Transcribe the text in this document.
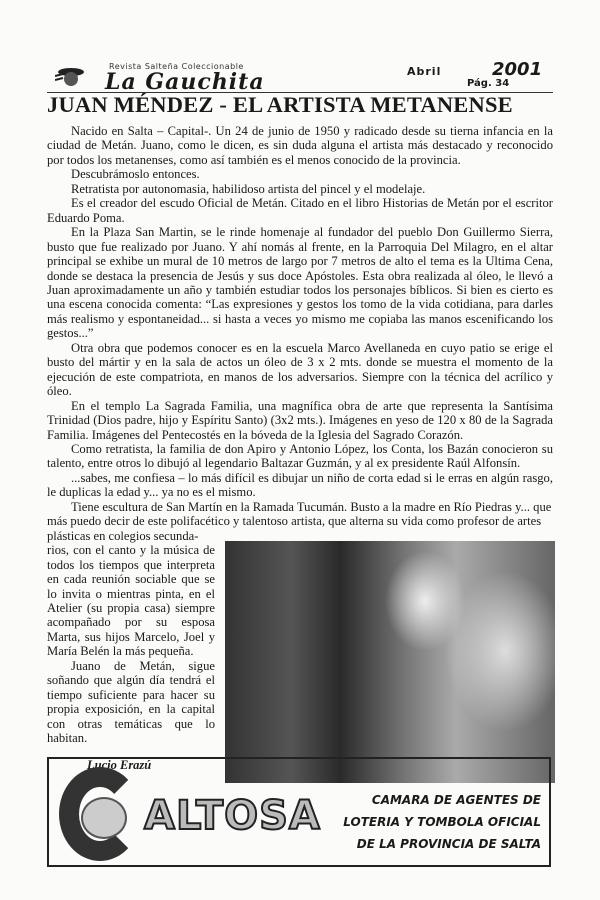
Revista Salteña Coleccionable
La Gauchita	Abril	2001
Pág. 34
JUAN MÉNDEZ - EL ARTISTA METANENSE

Nacido en Salta – Capital-. Un 24 de junio de 1950 y radicado desde su tierna infancia en la ciudad de Metán. Juano, como le dicen, es sin duda alguna el artista más destacado y reconocido por todos los metanenses, como así también es el menos conocido de la provincia.

Descubrámoslo entonces.

Retratista por autonomasia, habilidoso artista del pincel y el modelaje.

Es el creador del escudo Oficial de Metán. Citado en el libro Historias de Metán por el escritor Eduardo Poma.

En la Plaza San Martin, se le rinde homenaje al fundador del pueblo Don Guillermo Sierra, busto que fue realizado por Juano. Y ahí nomás al frente, en la Parroquia Del Milagro, en el altar principal se exhibe un mural de 10 metros de largo por 7 metros de alto el tema es la Ultima Cena, donde se destaca la presencia de Jesús y sus doce Apóstoles. Esta obra realizada al óleo, le llevó a Juan aproximadamente un año y también estudiar todos los personajes bíblicos. Si bien es cierto es una escena conocida comenta: “Las expresiones y gestos los tomo de la vida cotidiana, para darles más realismo y espontaneidad... si hasta a veces yo mismo me copiaba las manos escenificando los gestos...”

Otra obra que podemos conocer es en la escuela Marco Avellaneda en cuyo patio se erige el busto del mártir y en la sala de actos un óleo de 3 x 2 mts. donde se muestra el momento de la ejecución de este compatriota, en manos de los adversarios. Siempre con la técnica del acrílico y óleo.

En el templo La Sagrada Familia, una magnífica obra de arte que representa la Santísima Trinidad (Dios padre, hijo y Espíritu Santo) (3x2 mts.). Imágenes en yeso de 120 x 80 de la Sagrada Familia. Imágenes del Pentecostés en la bóveda de la Iglesia del Sagrado Corazón.

Como retratista, la familia de don Apiro y Antonio López, los Conta, los Bazán conocieron su talento, entre otros lo dibujó al legendario Baltazar Guzmán, y al ex presidente Raúl Alfonsín.

...sabes, me confiesa – lo más difícil es dibujar un niño de corta edad si le erras en algún rasgo, le duplicas la edad y... ya no es el mismo.

Tiene escultura de San Martín en la Ramada Tucumán. Busto a la madre en Río Piedras y... que más puedo decir de este polifacético y talentoso artista, que alterna su vida como profesor de artes plásticas en colegios secunda-

rios, con el canto y la música de todos los tiempos que interpreta en cada reunión sociable que se lo invita o mientras pinta, en el Atelier (su propia casa) siempre acompañado por su esposa Marta, sus hijos Marcelo, Joel y María Belén la más pequeña.

Juano de Metán, sigue soñando que algún día tendrá el tiempo suficiente para hacer su propia exposición, en la capital con otras temáticas que lo habitan.

Lucio Erazú
Salta
ALTOSA	CAMARA DE AGENTES DE
LOTERIA Y TOMBOLA OFICIAL
DE LA PROVINCIA DE SALTA
